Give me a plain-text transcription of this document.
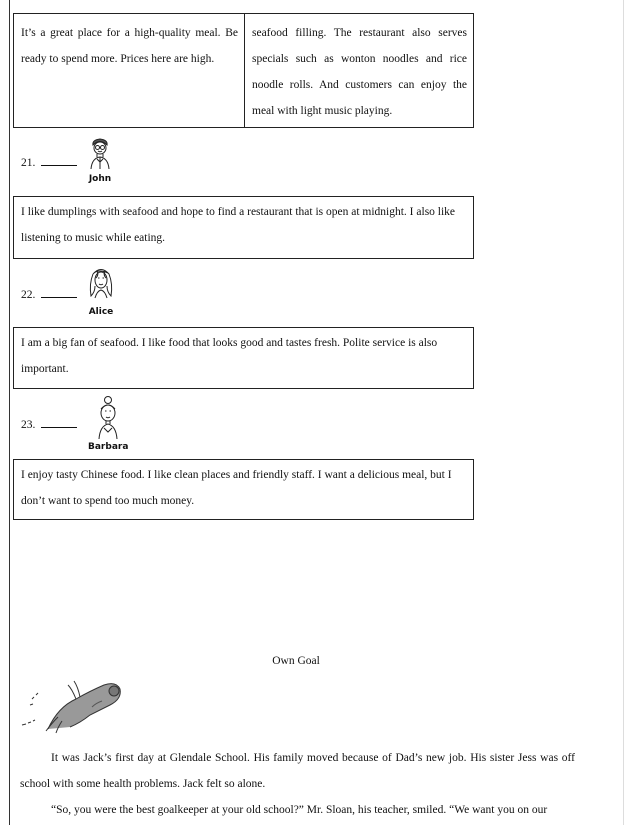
It’s a great place for a high-quality meal. Be ready to spend more. Prices here are high.

seafood filling. The restaurant also serves specials such as wonton noodles and rice noodle rolls. And customers can enjoy the meal with light music playing.

21.
John

I like dumplings with seafood and hope to find a restaurant that is open at midnight. I also like listening to music while eating.

22.
Alice

I am a big fan of seafood. I like food that looks good and tastes fresh. Polite service is also important.

23.
Barbara

I enjoy tasty Chinese food. I like clean places and friendly staff. I want a delicious meal, but I don’t want to spend too much money.

Own Goal

It was Jack’s first day at Glendale School. His family moved because of Dad’s new job. His sister Jess was off school with some health problems. Jack felt so alone.

“So, you were the best goalkeeper at your old school?” Mr. Sloan, his teacher, smiled. “We want you on our
